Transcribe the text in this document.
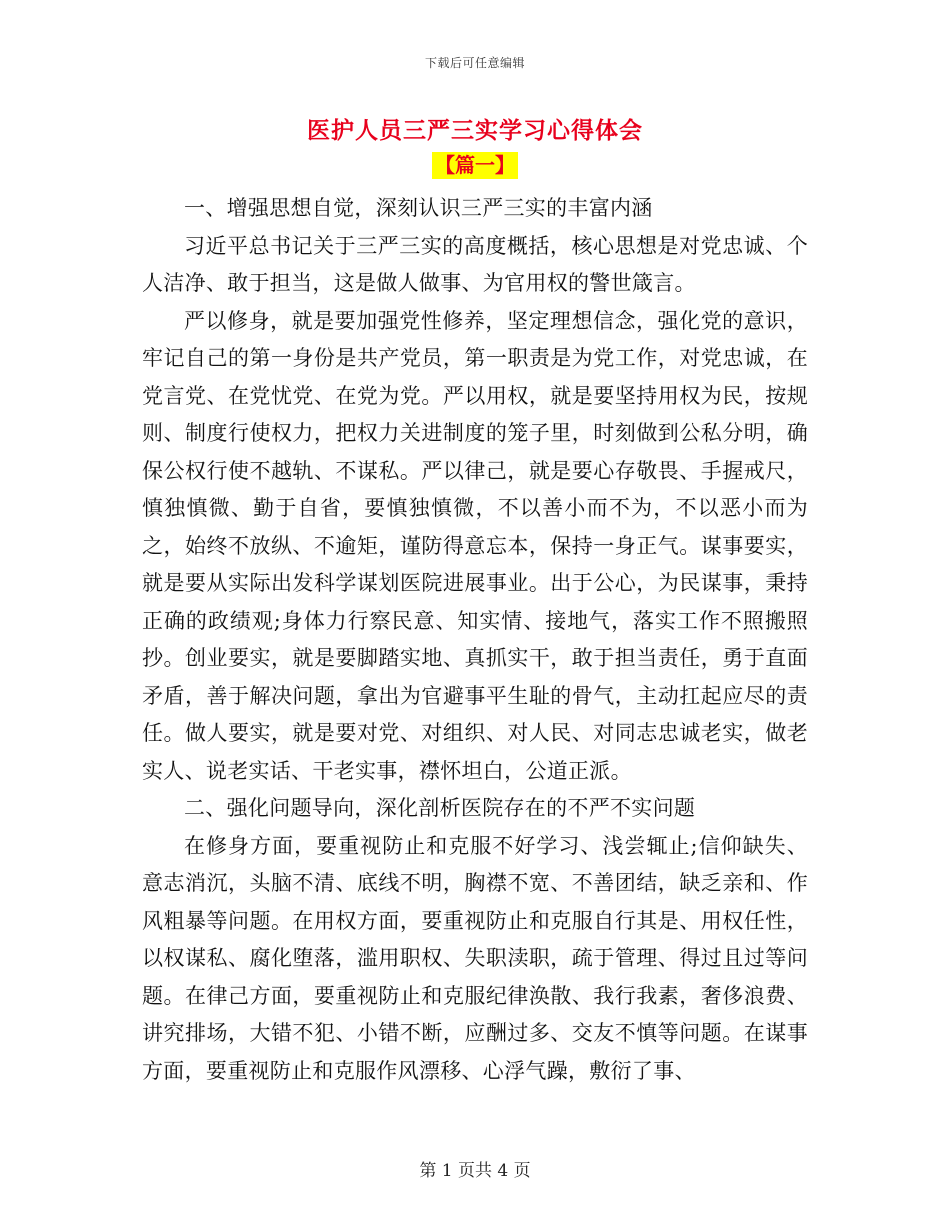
下载后可任意编辑
医护人员三严三实学习心得体会
【篇一】

一、增强思想自觉，深刻认识三严三实的丰富内涵

习近平总书记关于三严三实的高度概括，核心思想是对党忠诚、个人洁净、敢于担当，这是做人做事、为官用权的警世箴言。

严以修身，就是要加强党性修养，坚定理想信念，强化党的意识，牢记自己的第一身份是共产党员，第一职责是为党工作，对党忠诚，在党言党、在党忧党、在党为党。严以用权，就是要坚持用权为民，按规则、制度行使权力，把权力关进制度的笼子里，时刻做到公私分明，确保公权行使不越轨、不谋私。严以律己，就是要心存敬畏、手握戒尺，慎独慎微、勤于自省，要慎独慎微，不以善小而不为，不以恶小而为之，始终不放纵、不逾矩，谨防得意忘本，保持一身正气。谋事要实，就是要从实际出发科学谋划医院进展事业。出于公心，为民谋事，秉持正确的政绩观;身体力行察民意、知实情、接地气，落实工作不照搬照抄。创业要实，就是要脚踏实地、真抓实干，敢于担当责任，勇于直面矛盾，善于解决问题，拿出为官避事平生耻的骨气，主动扛起应尽的责任。做人要实，就是要对党、对组织、对人民、对同志忠诚老实，做老实人、说老实话、干老实事，襟怀坦白，公道正派。

二、强化问题导向，深化剖析医院存在的不严不实问题

在修身方面，要重视防止和克服不好学习、浅尝辄止;信仰缺失、意志消沉，头脑不清、底线不明，胸襟不宽、不善团结，缺乏亲和、作风粗暴等问题。在用权方面，要重视防止和克服自行其是、用权任性，以权谋私、腐化堕落，滥用职权、失职渎职，疏于管理、得过且过等问题。在律己方面，要重视防止和克服纪律涣散、我行我素，奢侈浪费、讲究排场，大错不犯、小错不断，应酬过多、交友不慎等问题。在谋事方面，要重视防止和克服作风漂移、心浮气躁，敷衍了事、

第 1 页共 4 页
